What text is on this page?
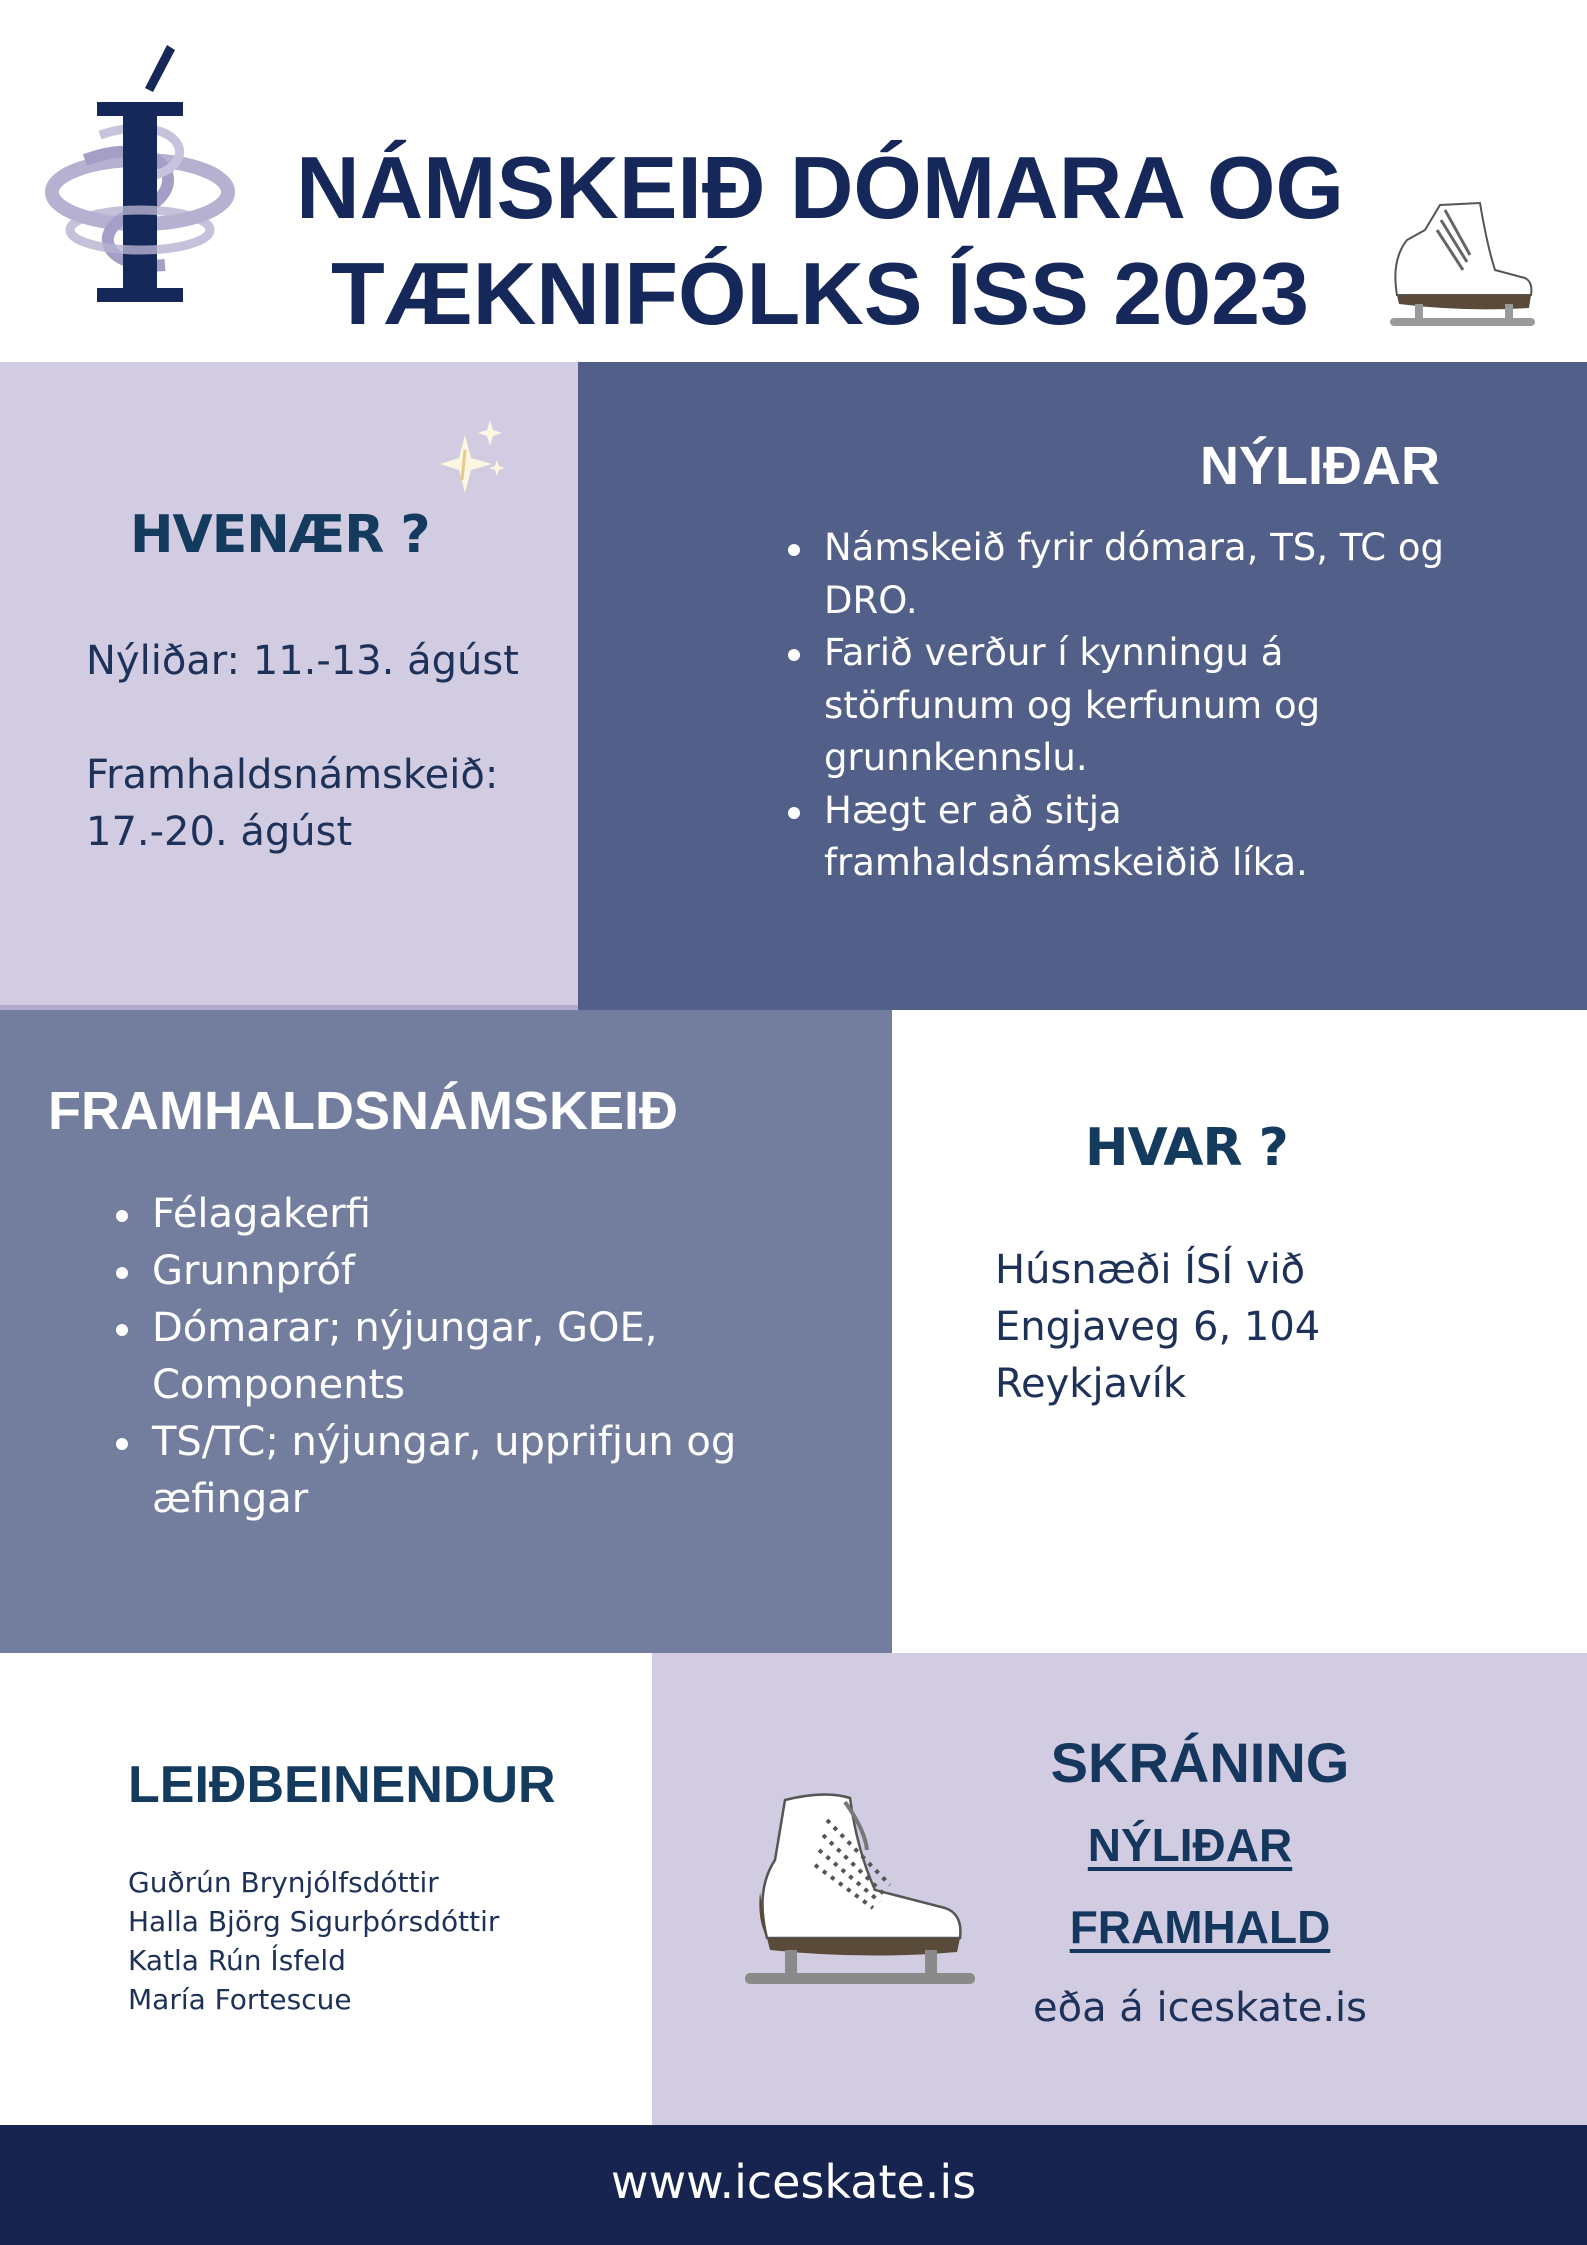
NÁMSKEIÐ DÓMARA OG
TÆKNIFÓLKS ÍSS 2023
HVENÆR ?
Nýliðar: 11.-13. ágúst
Framhaldsnámskeið:
17.-20. ágúst
NÝLIÐAR
Námskeið fyrir dómara, TS, TC og DRO.
Farið verður í kynningu á störfunum og kerfunum og grunnkennslu.
Hægt er að sitja framhaldsnámskeiðið líka.
FRAMHALDSNÁMSKEIÐ
Félagakerfi
Grunnpróf
Dómarar; nýjungar, GOE, Components
TS/TC; nýjungar, upprifjun og æfingar
HVAR ?
Húsnæði ÍSÍ við
Engjaveg 6, 104
Reykjavík
LEIÐBEINENDUR
Guðrún Brynjólfsdóttir
Halla Björg Sigurþórsdóttir
Katla Rún Ísfeld
María Fortescue
SKRÁNING
NÝLIÐAR
FRAMHALD
eða á iceskate.is
www.iceskate.is
